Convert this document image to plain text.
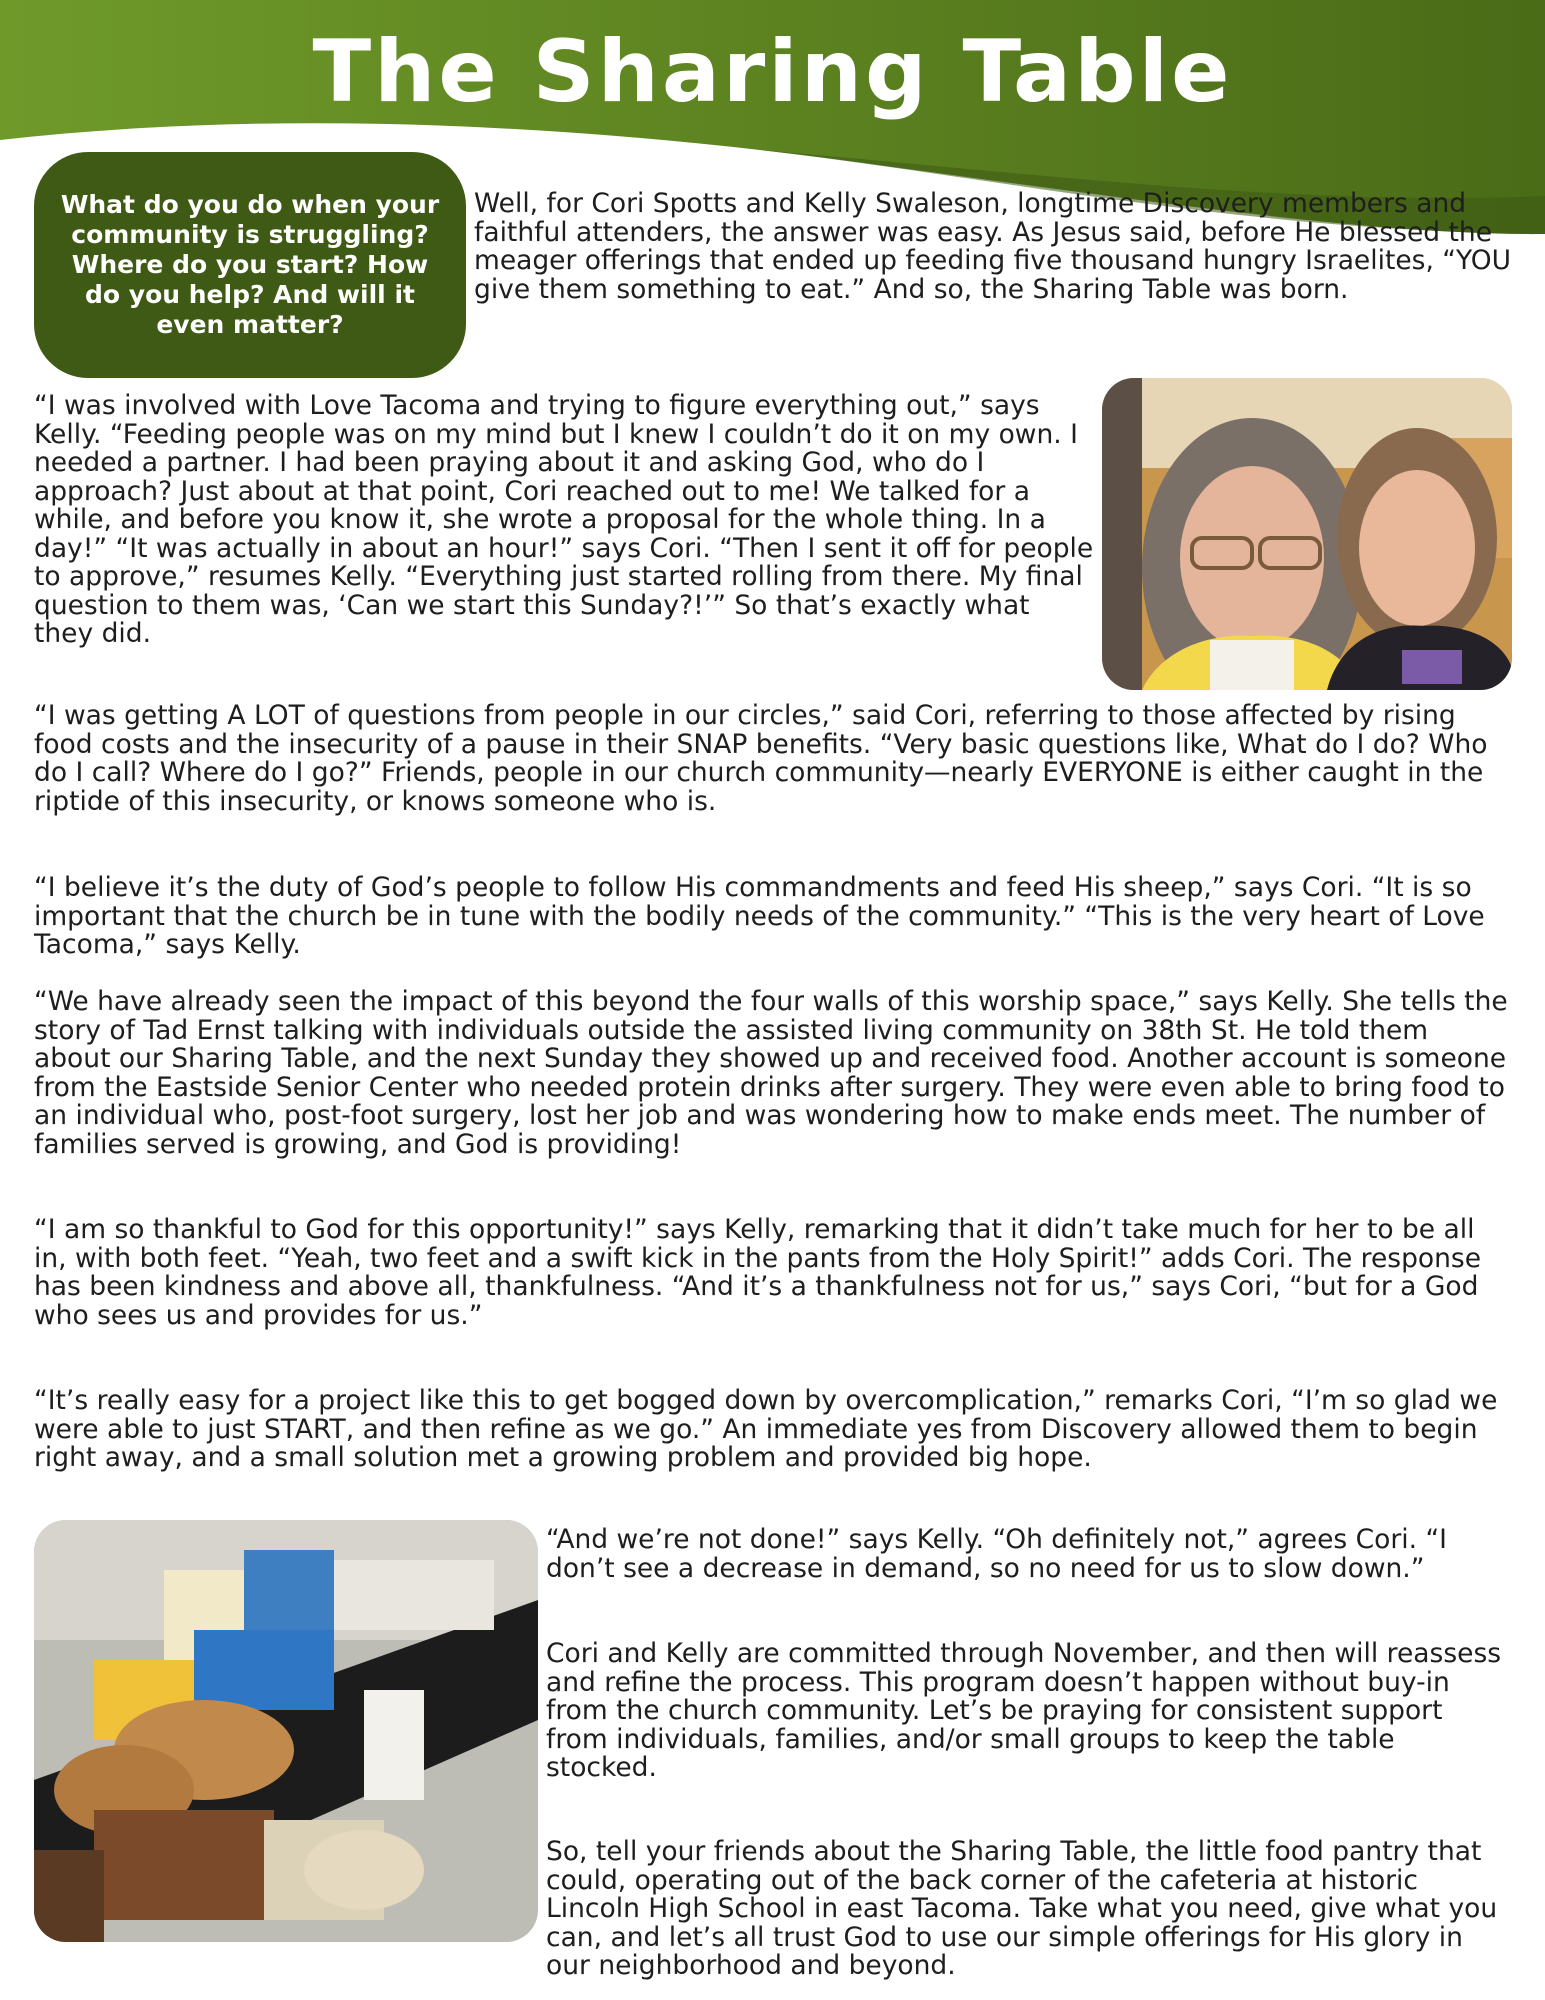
The Sharing Table
What do you do when your community is struggling? Where do you start? How do you help? And will it even matter?

Well, for Cori Spotts and Kelly Swaleson, longtime Discovery members and faithful attenders, the answer was easy. As Jesus said, before He blessed the meager offerings that ended up feeding five thousand hungry Israelites, “YOU give them something to eat.” And so, the Sharing Table was born.

“I was involved with Love Tacoma and trying to figure everything out,” says Kelly. “Feeding people was on my mind but I knew I couldn’t do it on my own. I needed a partner. I had been praying about it and asking God, who do I approach? Just about at that point, Cori reached out to me! We talked for a while, and before you know it, she wrote a proposal for the whole thing. In a day!” “It was actually in about an hour!” says Cori. “Then I sent it off for people to approve,” resumes Kelly. “Everything just started rolling from there. My final question to them was, ‘Can we start this Sunday?!’” So that’s exactly what they did.

“I was getting A LOT of questions from people in our circles,” said Cori, referring to those affected by rising food costs and the insecurity of a pause in their SNAP benefits. “Very basic questions like, What do I do? Who do I call? Where do I go?” Friends, people in our church community—nearly EVERYONE is either caught in the riptide of this insecurity, or knows someone who is.

“I believe it’s the duty of God’s people to follow His commandments and feed His sheep,” says Cori. “It is so important that the church be in tune with the bodily needs of the community.” “This is the very heart of Love Tacoma,” says Kelly.

“We have already seen the impact of this beyond the four walls of this worship space,” says Kelly. She tells the story of Tad Ernst talking with individuals outside the assisted living community on 38th St. He told them about our Sharing Table, and the next Sunday they showed up and received food. Another account is someone from the Eastside Senior Center who needed protein drinks after surgery. They were even able to bring food to an individual who, post-foot surgery, lost her job and was wondering how to make ends meet. The number of families served is growing, and God is providing!

“I am so thankful to God for this opportunity!” says Kelly, remarking that it didn’t take much for her to be all in, with both feet. “Yeah, two feet and a swift kick in the pants from the Holy Spirit!” adds Cori. The response has been kindness and above all, thankfulness. “And it’s a thankfulness not for us,” says Cori, “but for a God who sees us and provides for us.”

“It’s really easy for a project like this to get bogged down by overcomplication,” remarks Cori, “I’m so glad we were able to just START, and then refine as we go.” An immediate yes from Discovery allowed them to begin right away, and a small solution met a growing problem and provided big hope.

“And we’re not done!” says Kelly. “Oh definitely not,” agrees Cori. “I don’t see a decrease in demand, so no need for us to slow down.”

Cori and Kelly are committed through November, and then will reassess and refine the process. This program doesn’t happen without buy-in from the church community. Let’s be praying for consistent support from individuals, families, and/or small groups to keep the table stocked.

So, tell your friends about the Sharing Table, the little food pantry that could, operating out of the back corner of the cafeteria at historic Lincoln High School in east Tacoma. Take what you need, give what you can, and let’s all trust God to use our simple offerings for His glory in our neighborhood and beyond.
